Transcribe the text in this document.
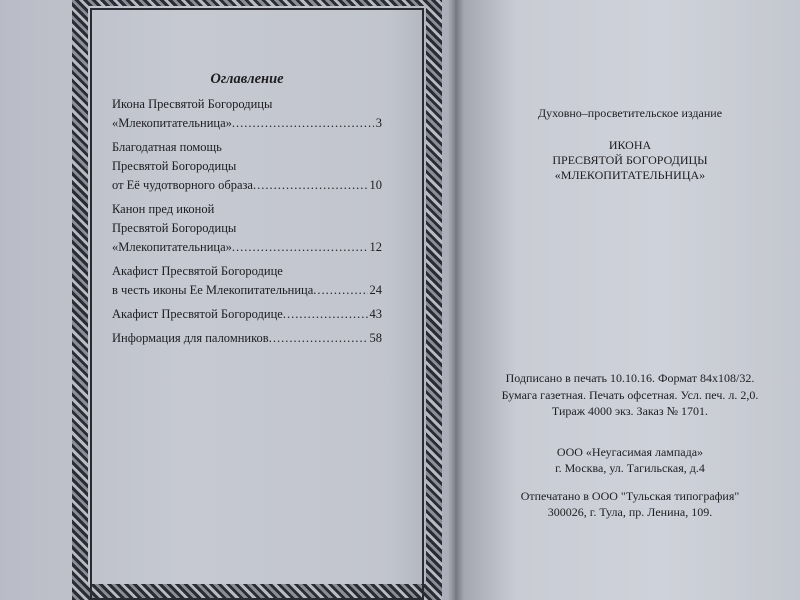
Оглавление
Икона Пресвятой Богородицы
«Млекопитательница» .....	3
Благодатная помощь
Пресвятой Богородицы
от Её чудотворного образа .....	10
Канон пред иконой
Пресвятой Богородицы
«Млекопитательница» .....	12
Акафист Пресвятой Богородице
в честь иконы Ее Млекопитательница .....	24
Акафист Пресвятой Богородице .....	43
Информация для паломников .....	58
Духовно–просветительское издание
ИКОНА
ПРЕСВЯТОЙ БОГОРОДИЦЫ
«МЛЕКОПИТАТЕЛЬНИЦА»
Подписано в печать 10.10.16. Формат 84х108/32.
Бумага газетная. Печать офсетная. Усл. печ. л. 2,0.
Тираж 4000 экз. Заказ № 1701.
ООО «Неугасимая лампада»
г. Москва, ул. Тагильская, д.4
Отпечатано в ООО "Тульская типография"
300026, г. Тула, пр. Ленина, 109.
